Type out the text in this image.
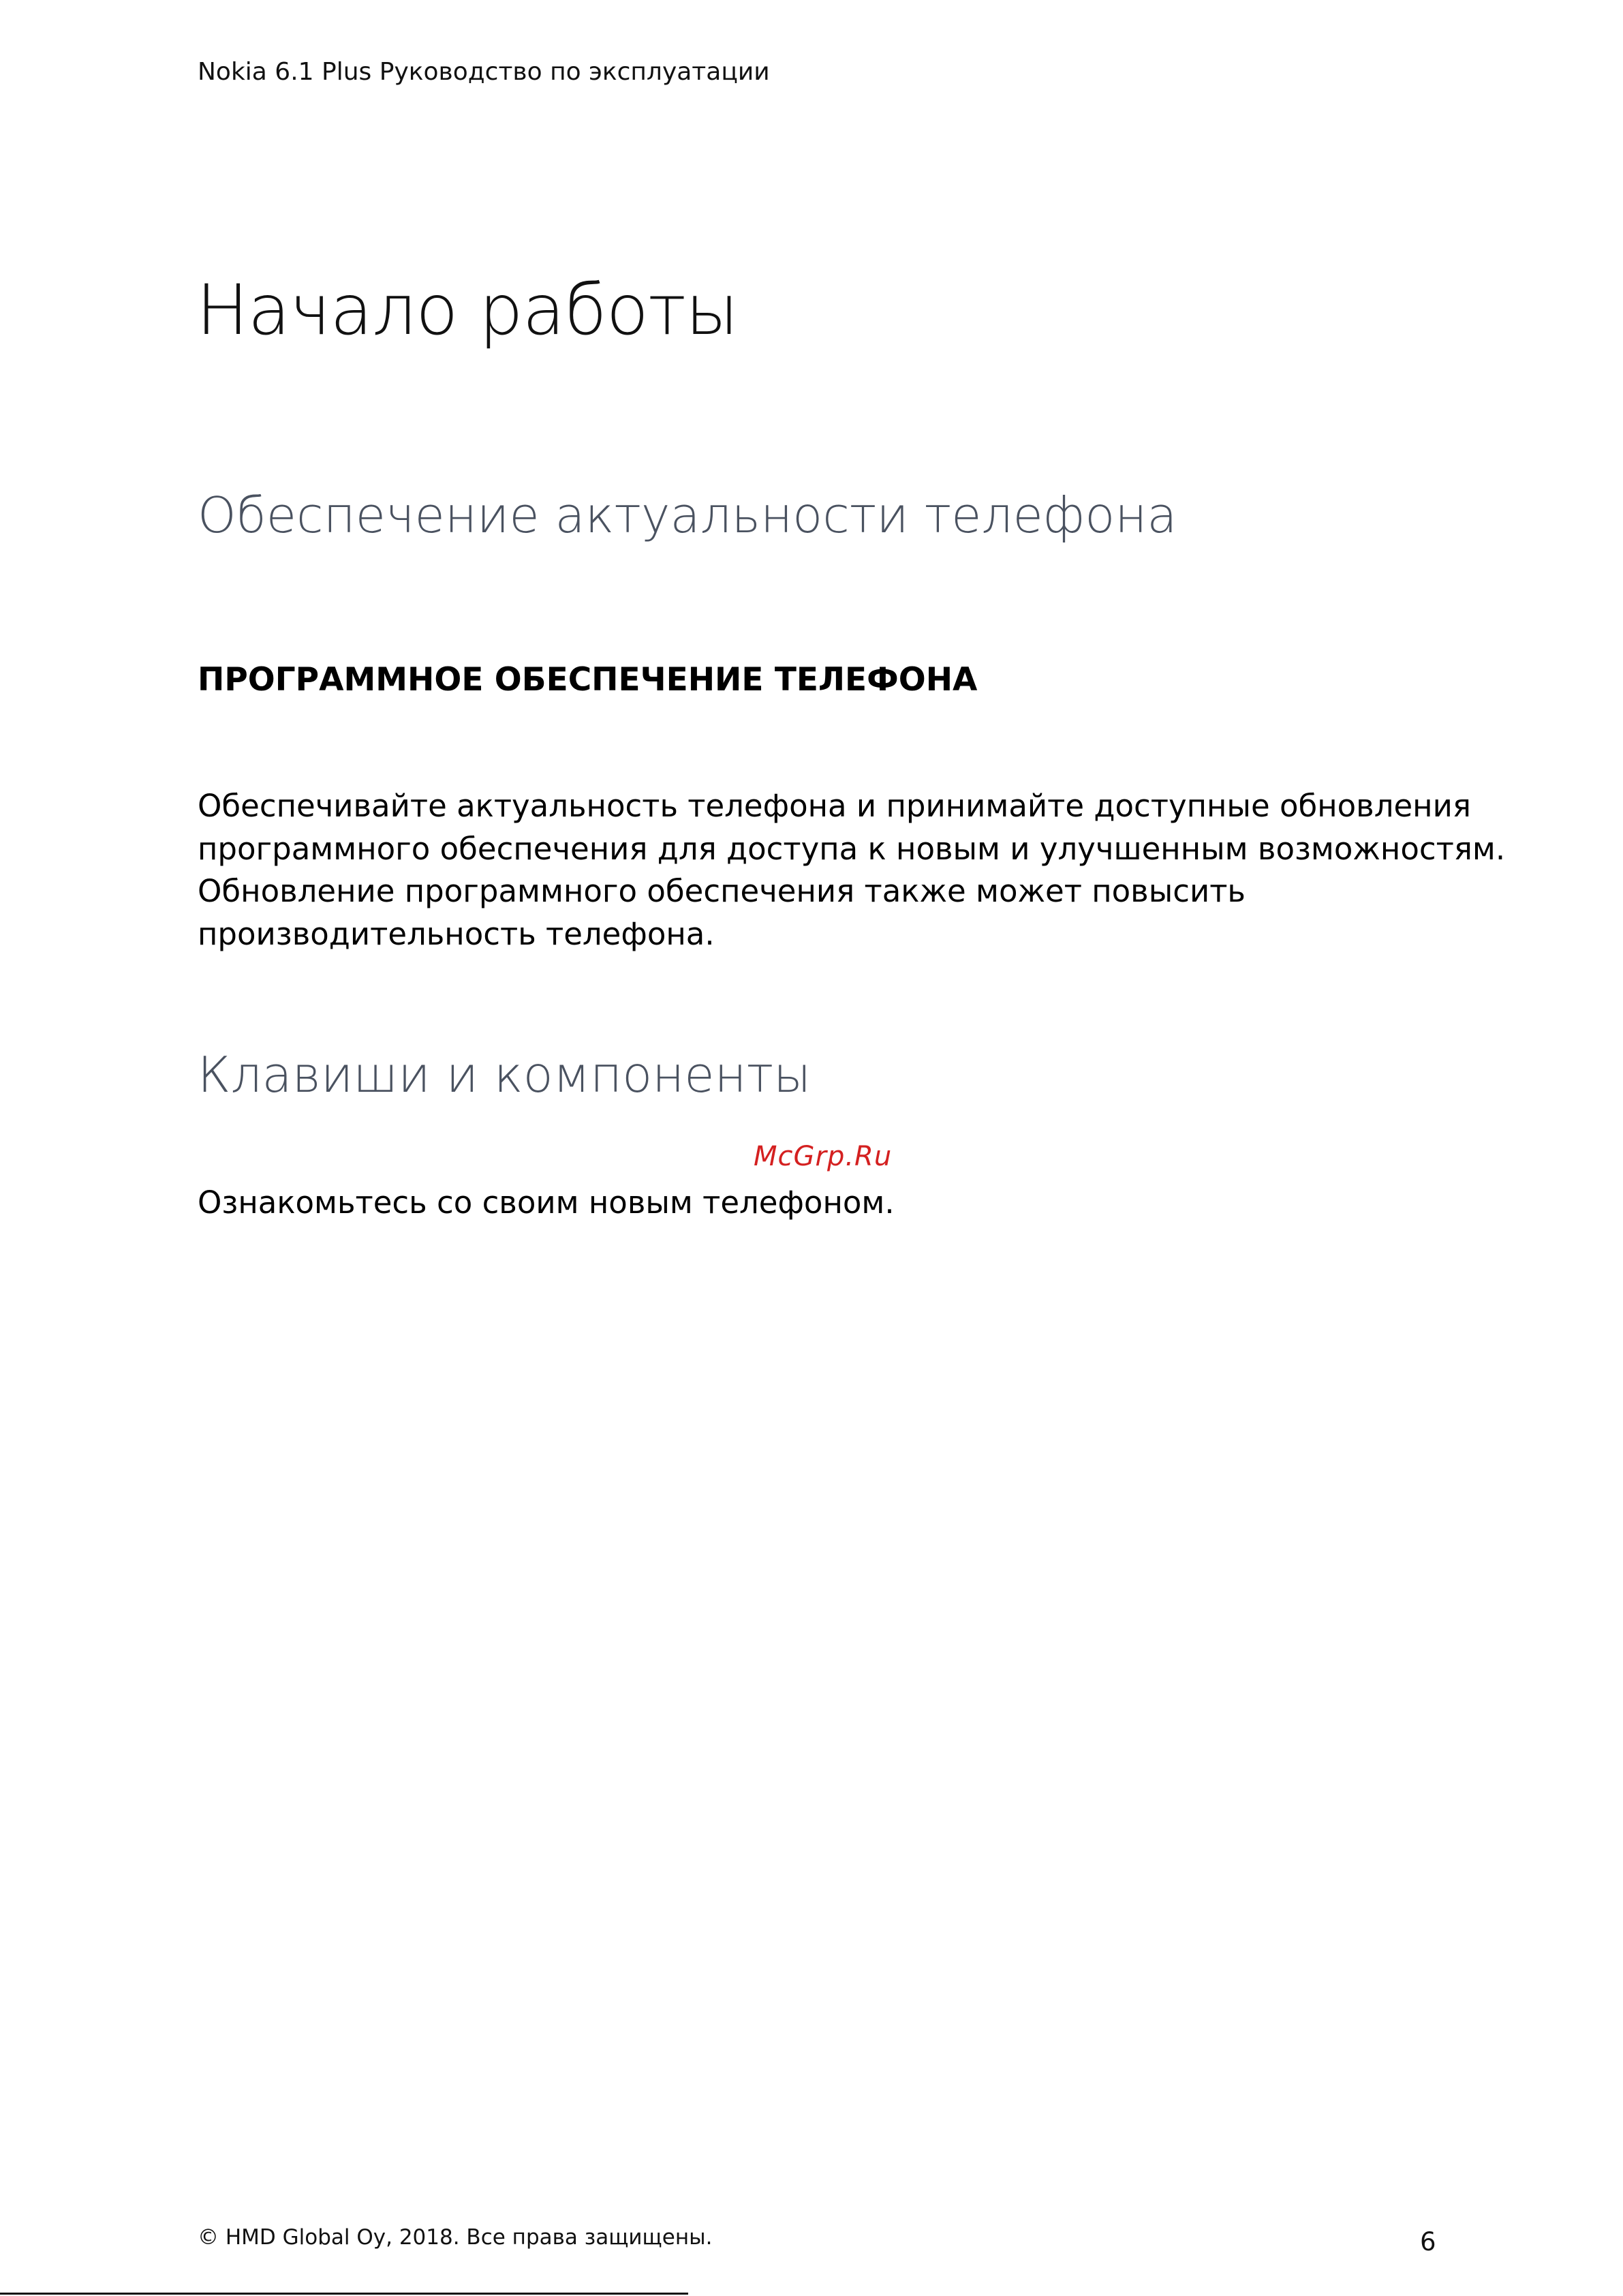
Nokia 6.1 Plus Руководство по эксплуатации
Начало работы
Обеспечение актуальности телефона
ПРОГРАММНОЕ ОБЕСПЕЧЕНИЕ ТЕЛЕФОНА
Обеспечивайте актуальность телефона и принимайте доступные обновления
программного обеспечения для доступа к новым и улучшенным возможностям.
Обновление программного обеспечения также может повысить
производительность телефона.
Клавиши и компоненты
McGrp.Ru
Ознакомьтесь со своим новым телефоном.
© HMD Global Oy, 2018. Все права защищены.	6
